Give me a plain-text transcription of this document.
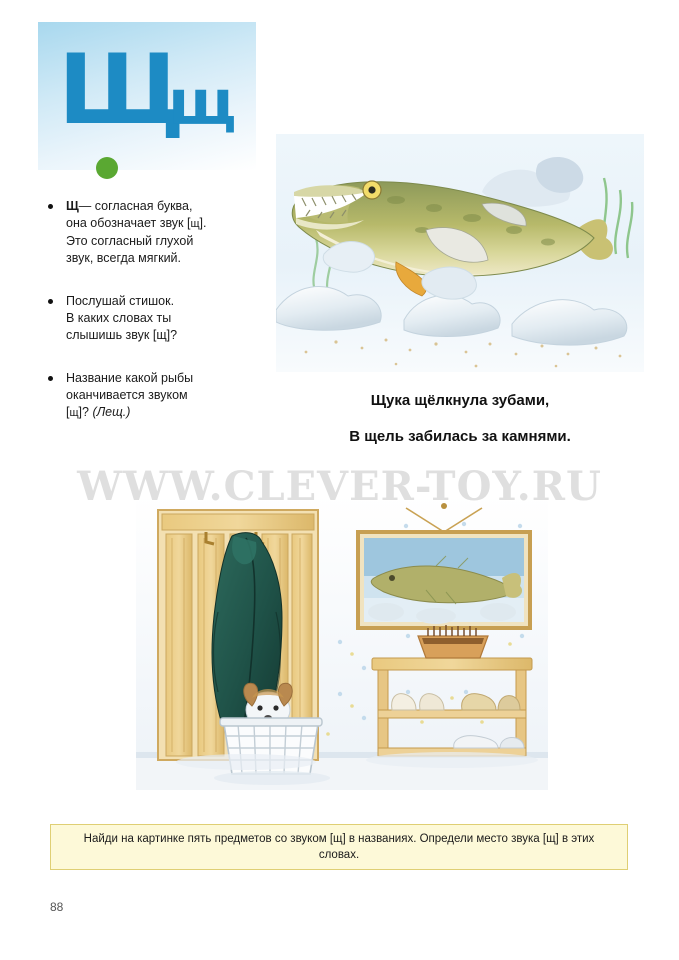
Щ
щ
Щ— согласная буква,
она обозначает звук [щ].
Это согласный глухой
звук, всегда мягкий.
Послушай стишок.
В каких словах ты
слышишь звук [щ]?
Название какой рыбы
оканчивается звуком
[щ]? (Лещ.)
Щука щёлкнула зубами,
В щель забилась за камнями.
WWW.CLEVER-TOY.RU
Найди на картинке пять предметов со звуком [щ] в названиях. Определи место звука [щ] в этих словах.
88
